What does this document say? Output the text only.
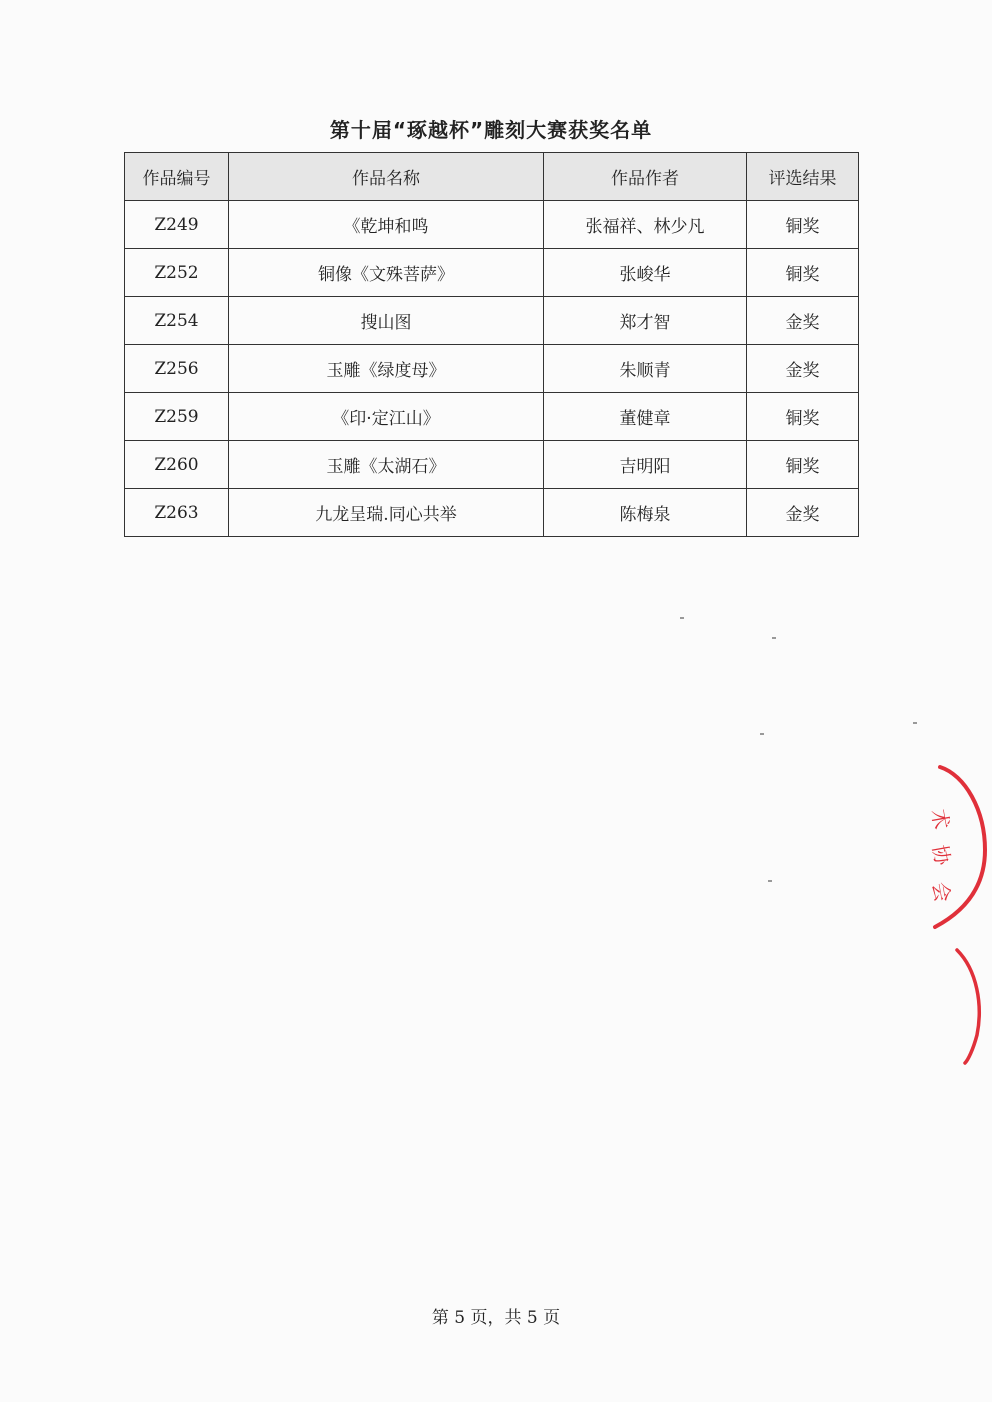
第十届“琢越杯”雕刻大赛获奖名单
作品编号	作品名称	作品作者	评选结果
Z249	《乾坤和鸣	张福祥、林少凡	铜奖
Z252	铜像《文殊菩萨》	张峻华	铜奖
Z254	搜山图	郑才智	金奖
Z256	玉雕《绿度母》	朱顺青	金奖
Z259	《印·定江山》	董健章	铜奖
Z260	玉雕《太湖石》	吉明阳	铜奖
Z263	九龙呈瑞.同心共举	陈梅泉	金奖
术
协
会
第 5 页，共 5 页
